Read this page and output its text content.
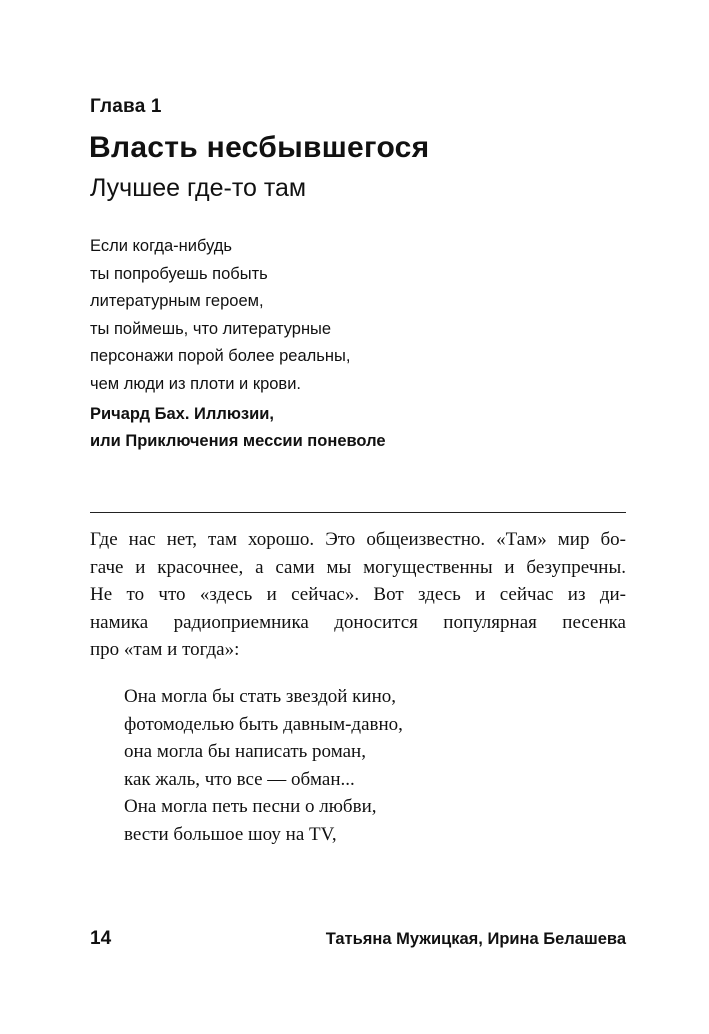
Глава 1
Власть несбывшегося
Лучшее где-то там
Если когда-нибудь
ты попробуешь побыть
литературным героем,
ты поймешь, что литературные
персонажи порой более реальны,
чем люди из плоти и крови.
Ричард Бах. Иллюзии,
или Приключения мессии поневоле
Где нас нет, там хорошо. Это общеизвестно. «Там» мир бо-
гаче и красочнее, а сами мы могущественны и безупречны.
Не то что «здесь и сейчас». Вот здесь и сейчас из ди-
намика радиоприемника доносится популярная песенка
про «там и тогда»:
Она могла бы стать звездой кино,
фотомоделью быть давным-давно,
она могла бы написать роман,
как жаль, что все — обман...
Она могла петь песни о любви,
вести большое шоу на TV,
14	Татьяна Мужицкая, Ирина Белашева
